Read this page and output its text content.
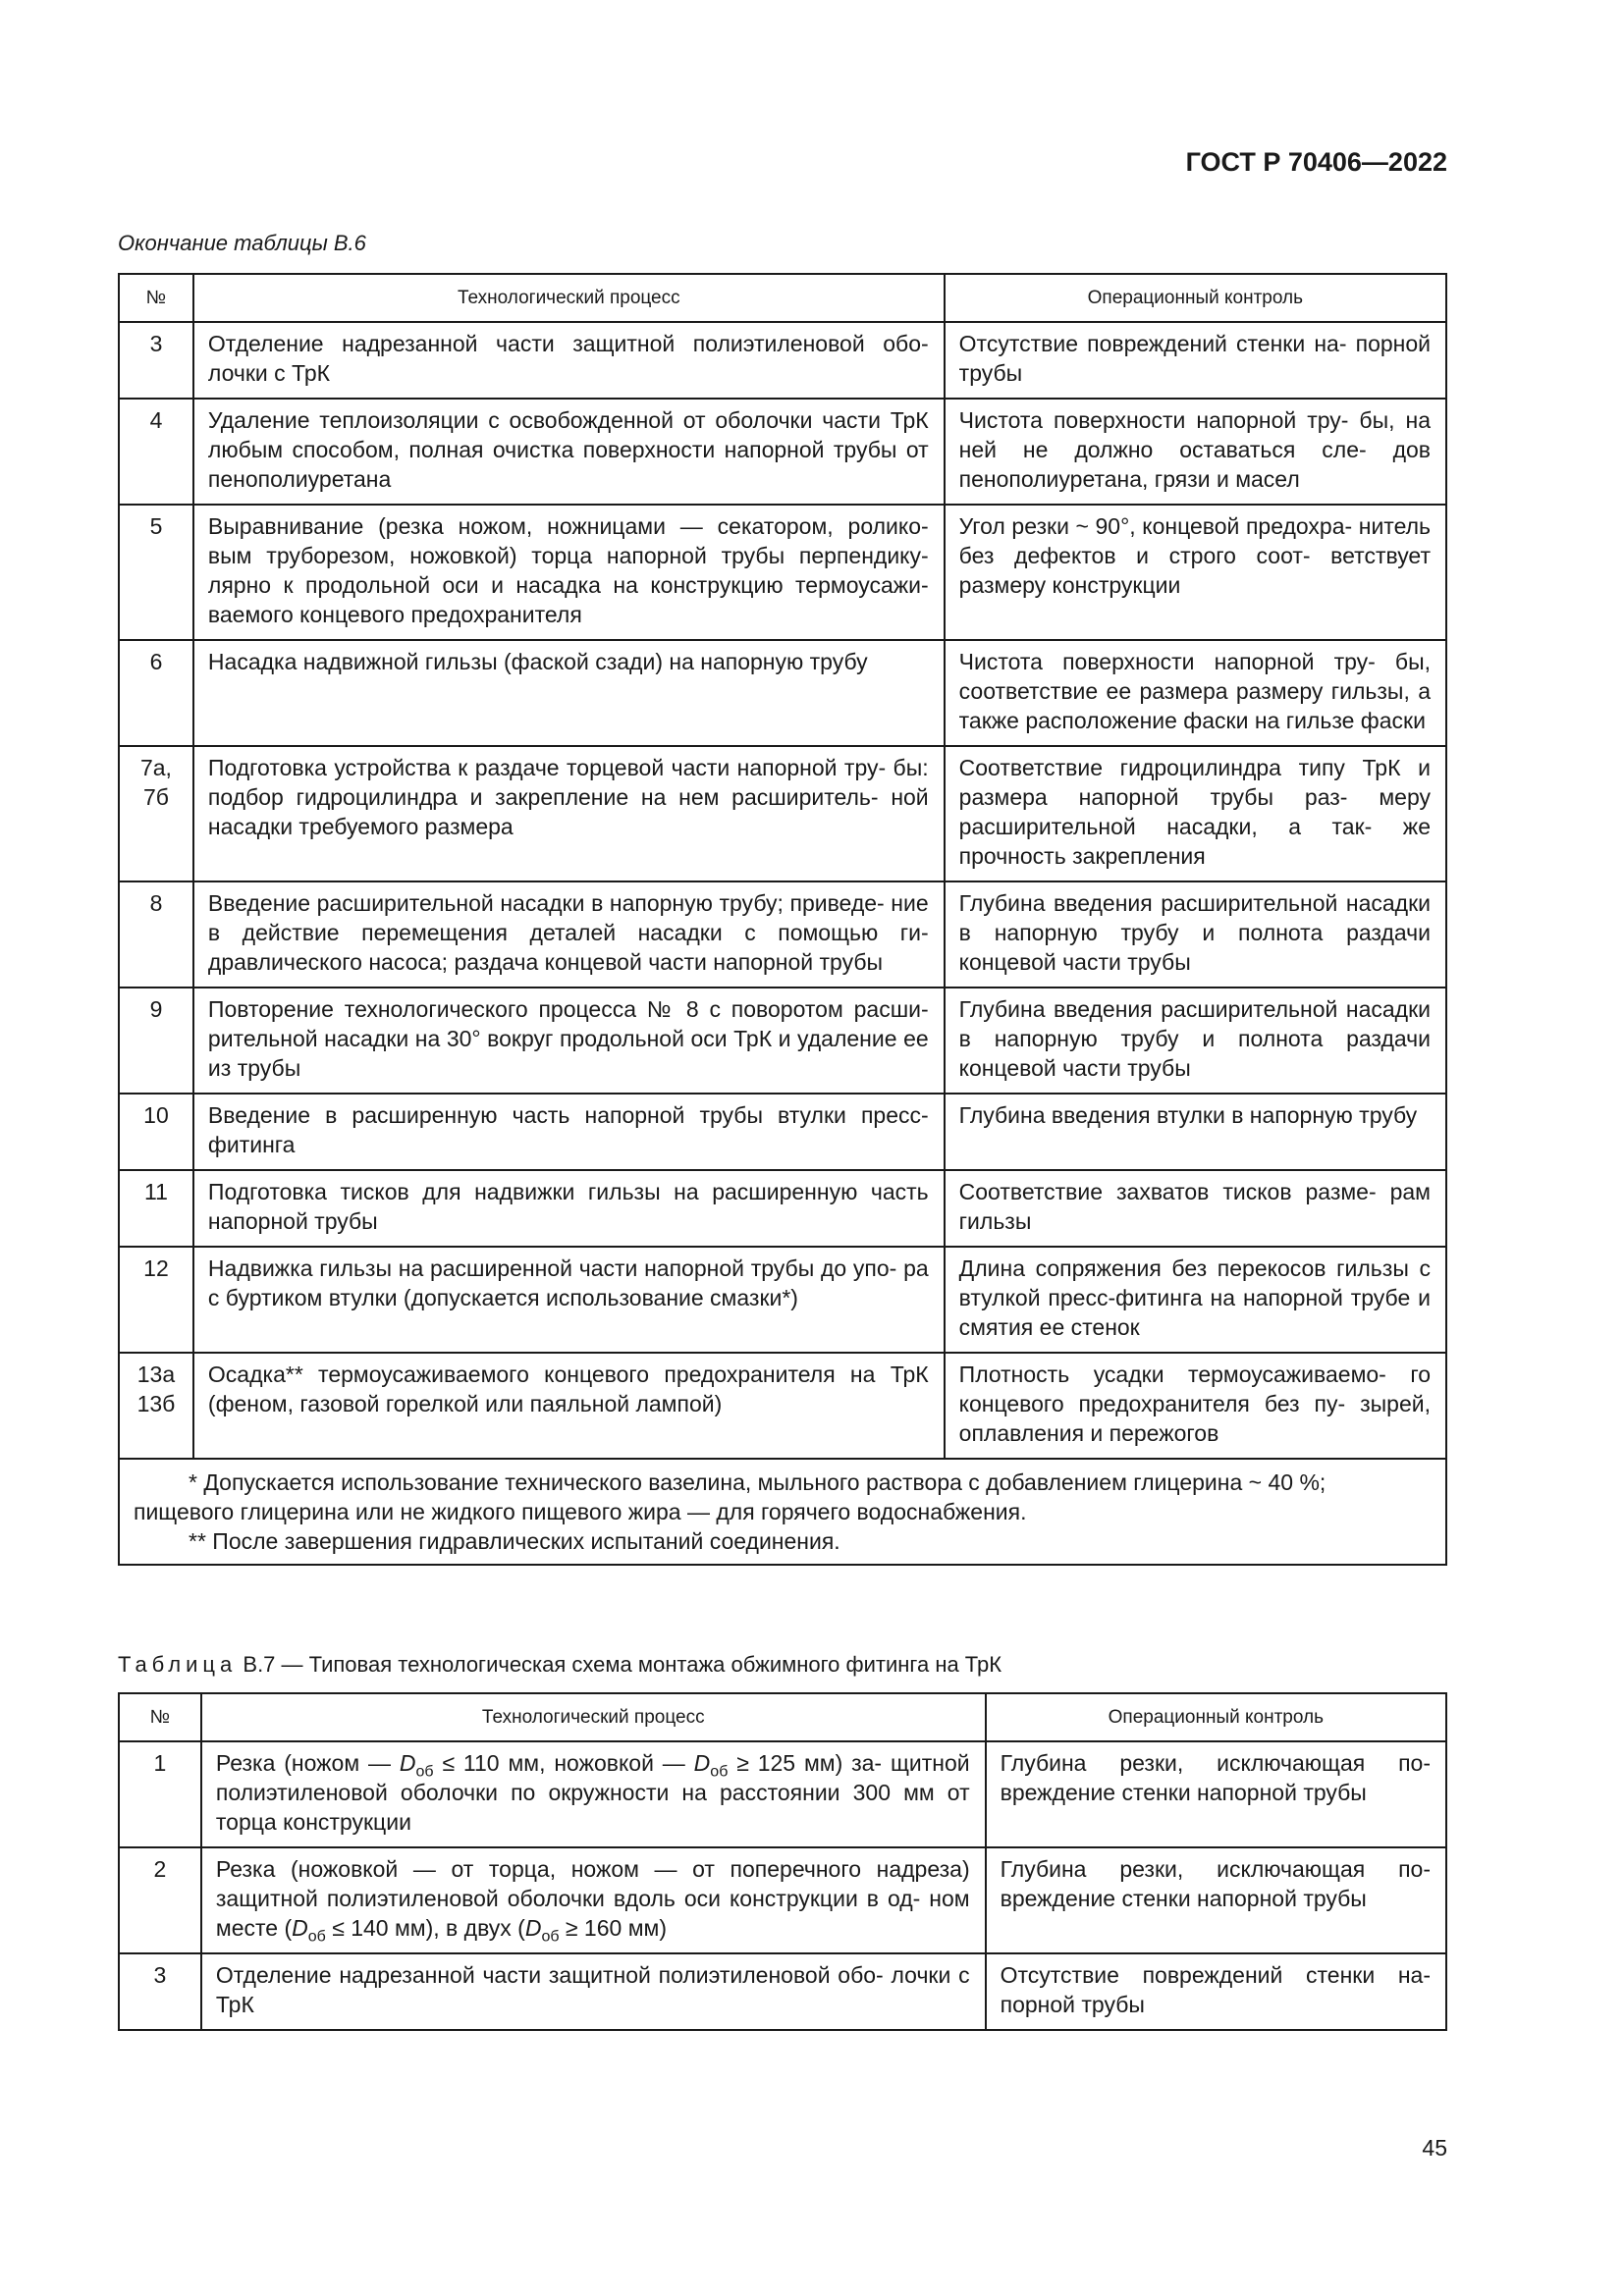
ГОСТ Р 70406—2022
Окончание таблицы В.6
№	Технологический процесс	Операционный контроль
3	Отделение надрезанной части защитной полиэтиленовой обо- лочки с ТрК	Отсутствие повреждений стенки на- порной трубы
4	Удаление теплоизоляции с освобожденной от оболочки части ТрК любым способом, полная очистка поверхности напорной трубы от пенополиуретана	Чистота поверхности напорной тру- бы, на ней не должно оставаться сле- дов пенополиуретана, грязи и масел
5	Выравнивание (резка ножом, ножницами — секатором, ролико- вым труборезом, ножовкой) торца напорной трубы перпендику- лярно к продольной оси и насадка на конструкцию термоусажи- ваемого концевого предохранителя	Угол резки ~ 90°, концевой предохра- нитель без дефектов и строго соот- ветствует размеру конструкции
6	Насадка надвижной гильзы (фаской сзади) на напорную трубу	Чистота поверхности напорной тру- бы, соответствие ее размера размеру гильзы, а также расположение фаски на гильзе фаски
7а,
7б	Подготовка устройства к раздаче торцевой части напорной тру- бы: подбор гидроцилиндра и закрепление на нем расширитель- ной насадки требуемого размера	Соответствие гидроцилиндра типу ТрК и размера напорной трубы раз- меру расширительной насадки, а так- же прочность закрепления
8	Введение расширительной насадки в напорную трубу; приведе- ние в действие перемещения деталей насадки с помощью ги- дравлического насоса; раздача концевой части напорной трубы	Глубина введения расширительной насадки в напорную трубу и полнота раздачи концевой части трубы
9	Повторение технологического процесса № 8 с поворотом расши- рительной насадки на 30° вокруг продольной оси ТрК и удаление ее из трубы	Глубина введения расширительной насадки в напорную трубу и полнота раздачи концевой части трубы
10	Введение в расширенную часть напорной трубы втулки пресс- фитинга	Глубина введения втулки в напорную трубу
11	Подготовка тисков для надвижки гильзы на расширенную часть напорной трубы	Соответствие захватов тисков разме- рам гильзы
12	Надвижка гильзы на расширенной части напорной трубы до упо- ра с буртиком втулки (допускается использование смазки*)	Длина сопряжения без перекосов гильзы с втулкой пресс-фитинга на напорной трубе и смятия ее стенок
13а
13б	Осадка** термоусаживаемого концевого предохранителя на ТрК (феном, газовой горелкой или паяльной лампой)	Плотность усадки термоусаживаемо- го концевого предохранителя без пу- зырей, оплавления и пережогов

* Допускается использование технического вазелина, мыльного раствора с добавлением глицерина ~ 40 %; пищевого глицерина или не жидкого пищевого жира — для горячего водоснабжения.

** После завершения гидравлических испытаний соединения.		

Таблица В.7 — Типовая технологическая схема монтажа обжимного фитинга на ТрК
№	Технологический процесс	Операционный контроль
1	Резка (ножом — $D_{об} \le 110$ мм, ножовкой — $D_{об} \ge 125$ мм) за- щитной полиэтиленовой оболочки по окружности на расстоянии 300 мм от торца конструкции	Глубина резки, исключающая по- вреждение стенки напорной трубы
2	Резка (ножовкой — от торца, ножом — от поперечного надреза) защитной полиэтиленовой оболочки вдоль оси конструкции в од- ном месте ($D_{об} \le 140$ мм), в двух ($D_{об} \ge 160$ мм)	Глубина резки, исключающая по- вреждение стенки напорной трубы
3	Отделение надрезанной части защитной полиэтиленовой обо- лочки с ТрК	Отсутствие повреждений стенки на- порной трубы
45
